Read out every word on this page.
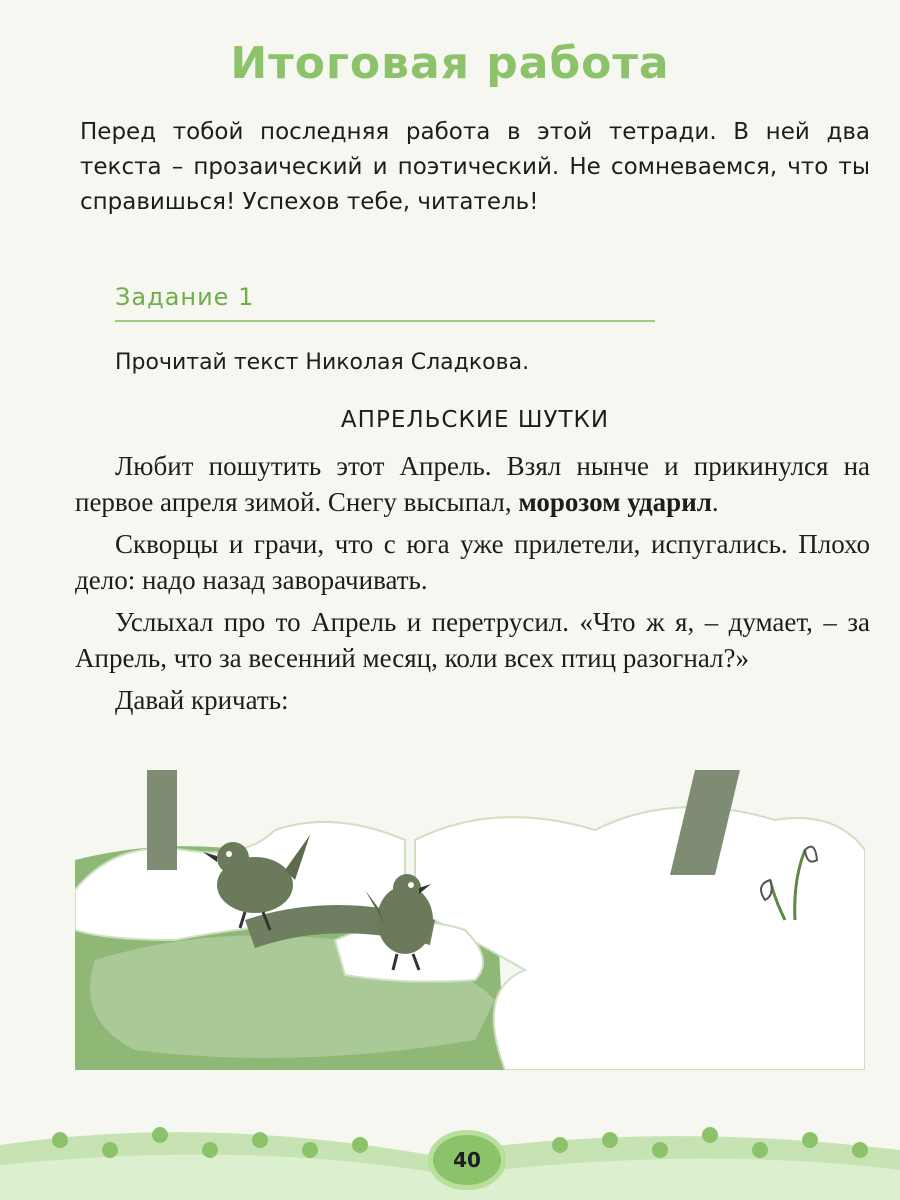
Итоговая работа

Перед тобой последняя работа в этой тетради. В ней два текста – прозаический и поэтический. Не сомневаемся, что ты справишься! Успехов тебе, читатель!

Задание 1
Прочитай текст Николая Сладкова.
АПРЕЛЬСКИЕ ШУТКИ

Любит пошутить этот Апрель. Взял нынче и прикинулся на первое апреля зимой. Снегу высыпал, морозом ударил.

Скворцы и грачи, что с юга уже прилетели, испугались. Плохо дело: надо назад заворачивать.

Услыхал про то Апрель и перетрусил. «Что ж я, – думает, – за Апрель, что за весенний месяц, коли всех птиц разогнал?»

Давай кричать:

40
